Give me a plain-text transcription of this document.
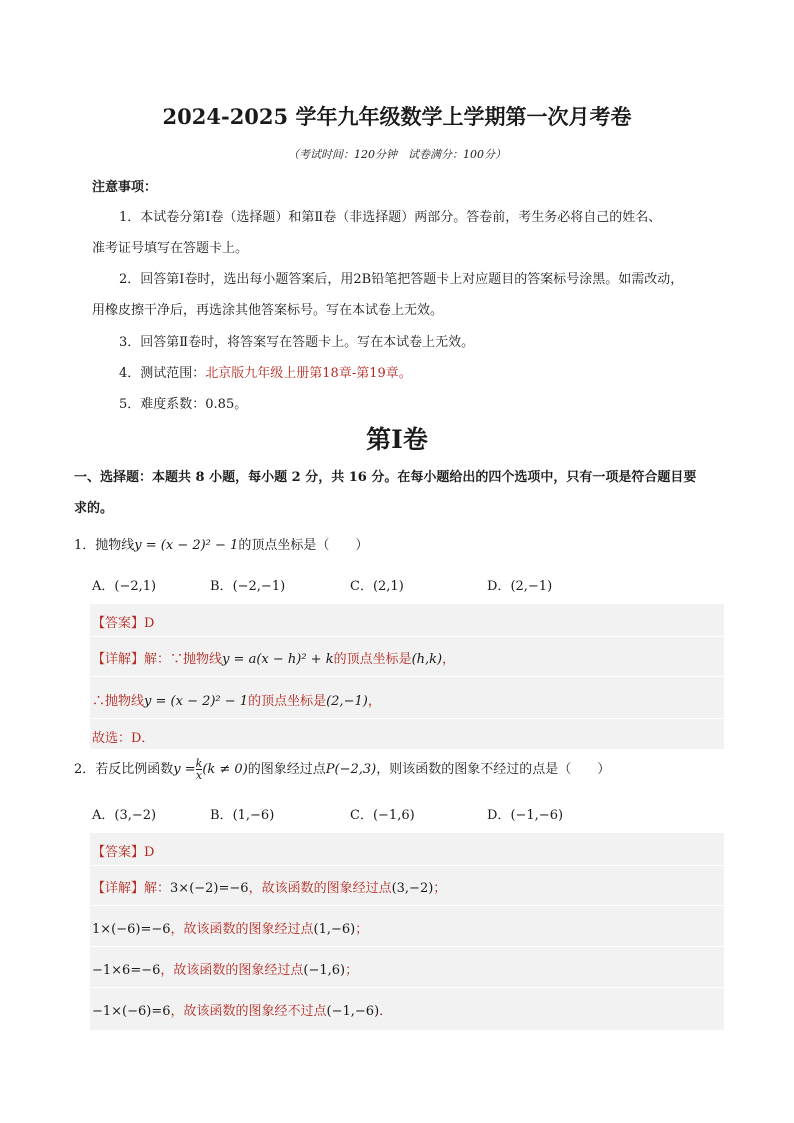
2024-2025 学年九年级数学上学期第一次月考卷
（考试时间：120分钟　试卷满分：100分）
注意事项：
1．本试卷分第Ⅰ卷（选择题）和第Ⅱ卷（非选择题）两部分。答卷前，考生务必将自己的姓名、
准考证号填写在答题卡上。
2．回答第Ⅰ卷时，选出每小题答案后，用2B铅笔把答题卡上对应题目的答案标号涂黑。如需改动，
用橡皮擦干净后，再选涂其他答案标号。写在本试卷上无效。
3．回答第Ⅱ卷时，将答案写在答题卡上。写在本试卷上无效。
4．测试范围：北京版九年级上册第18章-第19章。
5．难度系数：0.85。
第Ⅰ卷
一、选择题：本题共 8 小题，每小题 2 分，共 16 分。在每小题给出的四个选项中，只有一项是符合题目要
求的。
1．抛物线y = (x − 2)² − 1的顶点坐标是（　　）
A．(−2,1)	B．(−2,−1)	C．(2,1)	D．(2,−1)
【答案】D
【详解】解：∵抛物线y = a(x − h)² + k的顶点坐标是(h,k)，
∴抛物线y = (x − 2)² − 1的顶点坐标是(2,−1)，
故选：D．
2．若反比例函数$y = \frac{k}{x} (k \ne 0)$的图象经过点P(−2,3)，则该函数的图象不经过的点是（　　）
A．(3,−2)	B．(1,−6)	C．(−1,6)	D．(−1,−6)
【答案】D
【详解】解：3×(−2)=−6，故该函数的图象经过点(3,−2)；
1×(−6)=−6，故该函数的图象经过点(1,−6)；
−1×6=−6，故该函数的图象经过点(−1,6)；
−1×(−6)=6，故该函数的图象经不过点(−1,−6)．
